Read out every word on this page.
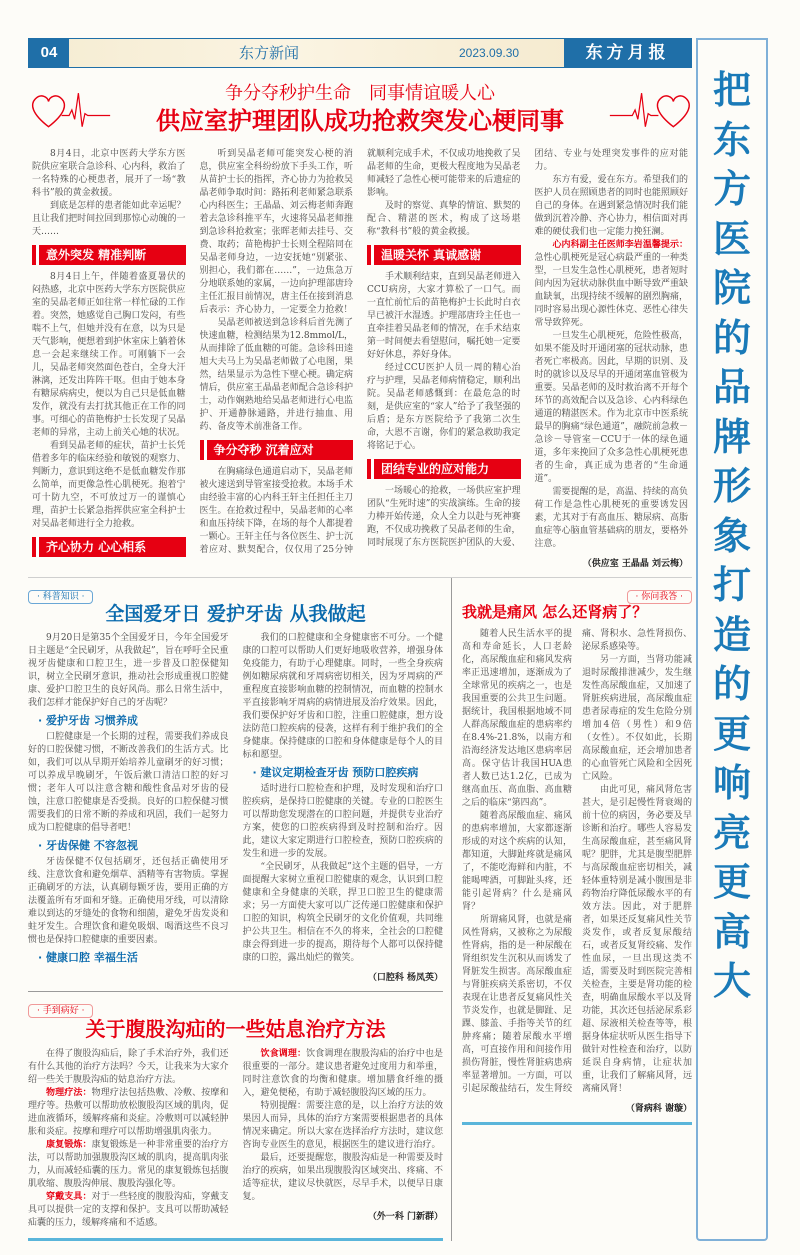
04	东方新闻	2023.09.30	东方月报
争分夺秒护生命　同事情谊暖人心
供应室护理团队成功抢救突发心梗同事

8月4日，北京中医药大学东方医院供应室联合急诊科、心内科，救治了一名特殊的心梗患者，展开了一场“教科书”般的黄金救援。

到底是怎样的患者能如此幸运呢？且让我们把时间拉回到那惊心动魄的一天……

意外突发 精准判断

8月4日上午，伴随着盛夏暑伏的闷热感，北京中医药大学东方医院供应室的吴晶老师正如往常一样忙碌的工作着。突然，她感觉自己胸口发闷，有些喘不上气，但她并没有在意，以为只是天气影响，便想着到护休室床上躺着休息一会起来继续工作。可刚躺下一会儿，吴晶老师突然面色苍白，全身大汗淋漓，还发出阵阵干呕。但由于她本身有糖尿病病史，便以为自己只是低血糖发作，就没有去打扰其他正在工作的同事。可细心的苗艳梅护士长发现了吴晶老师的异常，主动上前关心她的状况。

看到吴晶老师的症状，苗护士长凭借着多年的临床经验和敏锐的观察力、判断力，意识到这绝不是低血糖发作那么简单，而更像急性心肌梗死。抱着宁可十防九空，不可放过万一的谨慎心理，苗护士长紧急指挥供应室全科护士对吴晶老师进行全力抢救。

齐心协力 心心相系

听到吴晶老师可能突发心梗的消息，供应室全科纷纷放下手头工作，听从苗护士长的指挥，齐心协力为抢救吴晶老师争取时间：路拓利老师紧急联系心内科医生；王晶晶、刘云梅老师奔跑着去急诊科推平车，火速将吴晶老师推到急诊科抢救室；张晖老师去挂号、交费、取药；苗艳梅护士长则全程陪同在吴晶老师身边，一边安抚她“别紧张、别担心，我们都在……”，一边焦急万分地联系她的家属，一边向护理部唐玲主任汇报目前情况，唐主任在接到消息后表示：齐心协力，一定要全力抢救！

吴晶老师被送到急诊科后首先测了快速血糖，检测结果为12.8mmol/L，从而排除了低血糖的可能。急诊科田逵旭大夫马上为吴晶老师做了心电图，果然，结果显示为急性下壁心梗。确定病情后，供应室王晶晶老师配合急诊科护士，动作娴熟地给吴晶老师进行心电监护、开通静脉通路，并进行抽血、用药、备皮等术前准备工作。

争分夺秒 沉着应对

在胸痛绿色通道启动下，吴晶老师被火速送到导管室接受抢救。本场手术由经验丰富的心内科王轩主任担任主刀医生。在抢救过程中，吴晶老师的心率和血压持续下降，在场的每个人都提着一颗心。王轩主任与各位医生、护士沉着应对、默契配合，仅仅用了25分钟就顺利完成手术，不仅成功地挽救了吴晶老师的生命，更极大程度地为吴晶老师减轻了急性心梗可能带来的后遗症的影响。

及时的察觉、真挚的情谊、默契的配合、精湛的医术，构成了这场堪称“教科书”般的黄金救援。

温暖关怀 真诚感谢

手术顺利结束，直到吴晶老师进入CCU病房，大家才算松了一口气。而一直忙前忙后的苗艳梅护士长此时白衣早已被汗水湿透。护理部唐玲主任也一直牵挂着吴晶老师的情况，在手术结束第一时间便去看望慰问，嘱托她一定要好好休息，养好身体。

经过CCU医护人员一周的精心治疗与护理，吴晶老师病情稳定，顺利出院。吴晶老师感慨到：在最危急的时刻，是供应室的“家人”给予了我坚强的后盾；是东方医院给予了我第二次生命，大恩不言谢，你们的紧急救助我定将铭记于心。

团结专业的应对能力

一场暖心的抢救，一场供应室护理团队“生死时速”的实战演练。生命的接力棒开始传递，众人全力以赴与死神赛跑，不仅成功挽救了吴晶老师的生命，同时展现了东方医院医护团队的大爱、团结、专业与处理突发事件的应对能力。

东方有爱，爱在东方。希望我们的医护人员在照顾患者的同时也能照顾好自己的身体。在遇到紧急情况时我们能做到沉着冷静、齐心协力，相信面对再难的硬仗我们也一定能力挽狂澜。

心内科副主任医师李岩温馨提示：急性心肌梗死是冠心病最严重的一种类型，一旦发生急性心肌梗死，患者短时间内因为冠状动脉供血中断导致严重缺血缺氧，出现持续不缓解的剧烈胸痛，同时容易出现心源性休克、恶性心律失常导致猝死。

一旦发生心肌梗死，危险性极高，如果不能及时开通闭塞的冠状动脉，患者死亡率极高。因此，早期的识别、及时的就诊以及尽早的开通闭塞血管极为重要。吴晶老师的及时救治离不开每个环节的高效配合以及急诊、心内科绿色通道的精湛医术。作为北京市中医系统最早的胸痛“绿色通道”，融院前急救－急诊－导管室－CCU于一体的绿色通道，多年来挽回了众多急性心肌梗死患者的生命，真正成为患者的“生命通道”。

需要提醒的是，高温、持续的高负荷工作是急性心肌梗死的重要诱发因素，尤其对于有高血压、糖尿病、高脂血症等心脑血管基础病的朋友，要格外注意。

（供应室 王晶晶 刘云梅）
· 科普知识 ·
全国爱牙日 爱护牙齿 从我做起

9月20日是第35个全国爱牙日，今年全国爱牙日主题是“全民刷牙，从我做起”，旨在呼吁全民重视牙齿健康和口腔卫生，进一步普及口腔保健知识，树立全民刷牙意识，推动社会形成重视口腔健康、爱护口腔卫生的良好风尚。那么日常生活中，我们怎样才能保护好自己的牙齿呢？

· 爱护牙齿 习惯养成

口腔健康是一个长期的过程，需要我们养成良好的口腔保健习惯，不断改善我们的生活方式。比如，我们可以从早期开始培养儿童刷牙的好习惯；可以养成早晚刷牙，午饭后漱口清洁口腔的好习惯；老年人可以注意含糖和酸性食品对牙齿的侵蚀，注意口腔健康是否受损。良好的口腔保健习惯需要我们的日常不断的养成和巩固，我们一起努力成为口腔健康的倡导者吧！

· 牙齿保健 不容忽视

牙齿保健不仅包括刷牙，还包括正确使用牙线、注意饮食和避免烟草、酒精等有害物质。掌握正确刷牙的方法，认真刷每颗牙齿，要用正确的方法覆盖所有牙面和牙缝。正确使用牙线，可以清除难以到达的牙缝处的食物和细菌，避免牙齿发炎和蛀牙发生。合理饮食和避免吸烟、喝酒这些不良习惯也是保持口腔健康的重要因素。

· 健康口腔 幸福生活

我们的口腔健康和全身健康密不可分。一个健康的口腔可以帮助人们更好地吸收营养，增强身体免疫能力，有助于心理健康。同时，一些全身疾病例如糖尿病就和牙周病密切相关，因为牙周病的严重程度直接影响血糖的控制情况，而血糖的控制水平直接影响牙周病的病情进展及治疗效果。因此，我们要保护好牙齿和口腔，注重口腔健康，想方设法防范口腔疾病的侵袭，这样有利于维护我们的全身健康。保持健康的口腔和身体健康是每个人的目标和愿望。

· 建议定期检查牙齿 预防口腔疾病

适时进行口腔检查和护理，及时发现和治疗口腔疾病，是保持口腔健康的关键。专业的口腔医生可以帮助您发现潜在的口腔问题，并提供专业治疗方案，使您的口腔疾病得到及时控制和治疗。因此，建议大家定期进行口腔检查，预防口腔疾病的发生和进一步的发展。

“全民刷牙，从我做起”这个主题的倡导，一方面提醒大家树立重视口腔健康的观念，认识到口腔健康和全身健康的关联，捍卫口腔卫生的健康需求；另一方面使大家可以广泛传递口腔健康和保护口腔的知识，构筑全民刷牙的文化价值观，共同维护公共卫生。相信在不久的将来，全社会的口腔健康会得到进一步的提高，期待每个人都可以保持健康的口腔，露出灿烂的微笑。

（口腔科 杨凤英）
· 手到病好 ·
关于腹股沟疝的一些姑息治疗方法

在得了腹股沟疝后，除了手术治疗外，我们还有什么其他的治疗方法吗？今天，让我来为大家介绍一些关于腹股沟疝的姑息治疗方法。

物理疗法：物理疗法包括热敷、冷敷、按摩和理疗等。热敷可以帮助放松腹股沟区域的肌肉，促进血液循环，缓解疼痛和炎症。冷敷则可以减轻肿胀和炎症。按摩和理疗可以帮助增强肌肉张力。

康复锻炼：康复锻炼是一种非常重要的治疗方法，可以帮助加强腹股沟区域的肌肉，提高肌肉张力，从而减轻疝囊的压力。常见的康复锻炼包括腹肌收缩、腹股沟伸展、腹股沟强化等。

穿戴支具：对于一些轻度的腹股沟疝，穿戴支具可以提供一定的支撑和保护。支具可以帮助减轻疝囊的压力，缓解疼痛和不适感。

饮食调理：饮食调理在腹股沟疝的治疗中也是很重要的一部分。建议患者避免过度用力和举重，同时注意饮食的均衡和健康。增加膳食纤维的摄入，避免便秘，有助于减轻腹股沟区域的压力。

特别提醒：需要注意的是，以上治疗方法的效果因人而异，具体的治疗方案需要根据患者的具体情况来确定。所以大家在选择治疗方法时，建议您咨询专业医生的意见，根据医生的建议进行治疗。

最后，还要提醒您，腹股沟疝是一种需要及时治疗的疾病，如果出现腹股沟区域突出、疼痛、不适等症状，建议尽快就医，尽早手术，以便早日康复。

（外一科 门新群）
· 你问我答 ·
我就是痛风 怎么还肾病了？

随着人民生活水平的提高和寿命延长，人口老龄化，高尿酸血症和痛风发病率正迅速增加，逐渐成为了全球常见的疾病之一，也是我国重要的公共卫生问题。据统计，我国根据地域不同人群高尿酸血症的患病率约在8.4%-21.8%，以南方和沿海经济发达地区患病率居高。保守估计我国HUA患者人数已达1.2亿，已成为继高血压、高血脂、高血糖之后的临床“第四高”。

随着高尿酸血症、痛风的患病率增加，大家都逐渐形成的对这个疾病的认知，都知道，大脚趾疼就是痛风了，不能吃海鲜和内脏，不能喝啤酒，可脚趾头疼，还能引起肾病？什么是痛风肾？

所谓痛风肾，也就是痛风性肾病，又被称之为尿酸性肾病，指的是一种尿酸在肾组织发生沉积从而诱发了肾脏发生损害。高尿酸血症与肾脏疾病关系密切，不仅表现在让患者反复痛风性关节炎发作，也就是脚趾、足踝、膝盖、手指等关节的红肿疼痛；随着尿酸水平增高，可直接作用和间接作用损伤肾脏，慢性肾脏病患病率显著增加。一方面，可以引起尿酸盐结石，发生肾绞痛、肾积水、急性肾损伤、泌尿系感染等。

另一方面，当肾功能减退时尿酸排泄减少，发生继发性高尿酸血症，又加速了肾脏疾病进展，高尿酸血症患者尿毒症的发生危险分别增加4倍（男性）和9倍（女性）。不仅如此，长期高尿酸血症，还会增加患者的心血管死亡风险和全因死亡风险。

由此可见，痛风肾危害甚大，是引起慢性肾衰竭的前十位的病因，务必要及早诊断和治疗。哪些人容易发生高尿酸血症，甚至痛风肾呢？肥胖，尤其是腹型肥胖与高尿酸血症密切相关，减轻体重特别是减小腹围是非药物治疗降低尿酸水平的有效方法。因此，对于肥胖者，如果还反复痛风性关节炎发作，或者反复尿酸结石，或者反复肾绞痛、发作性血尿，一旦出现这类不适，需要及时到医院完善相关检查，主要是肾功能的检查，明确血尿酸水平以及肾功能，其次还包括泌尿系彩超、尿液相关检查等等，根据身体症状听从医生指导下做针对性检查和治疗，以防延误自身病情，让症状加重，让我们了解痛风肾，远离痛风肾！

（肾病科 谢璇）
把东方医院的品牌形象打造的更响亮更高大
